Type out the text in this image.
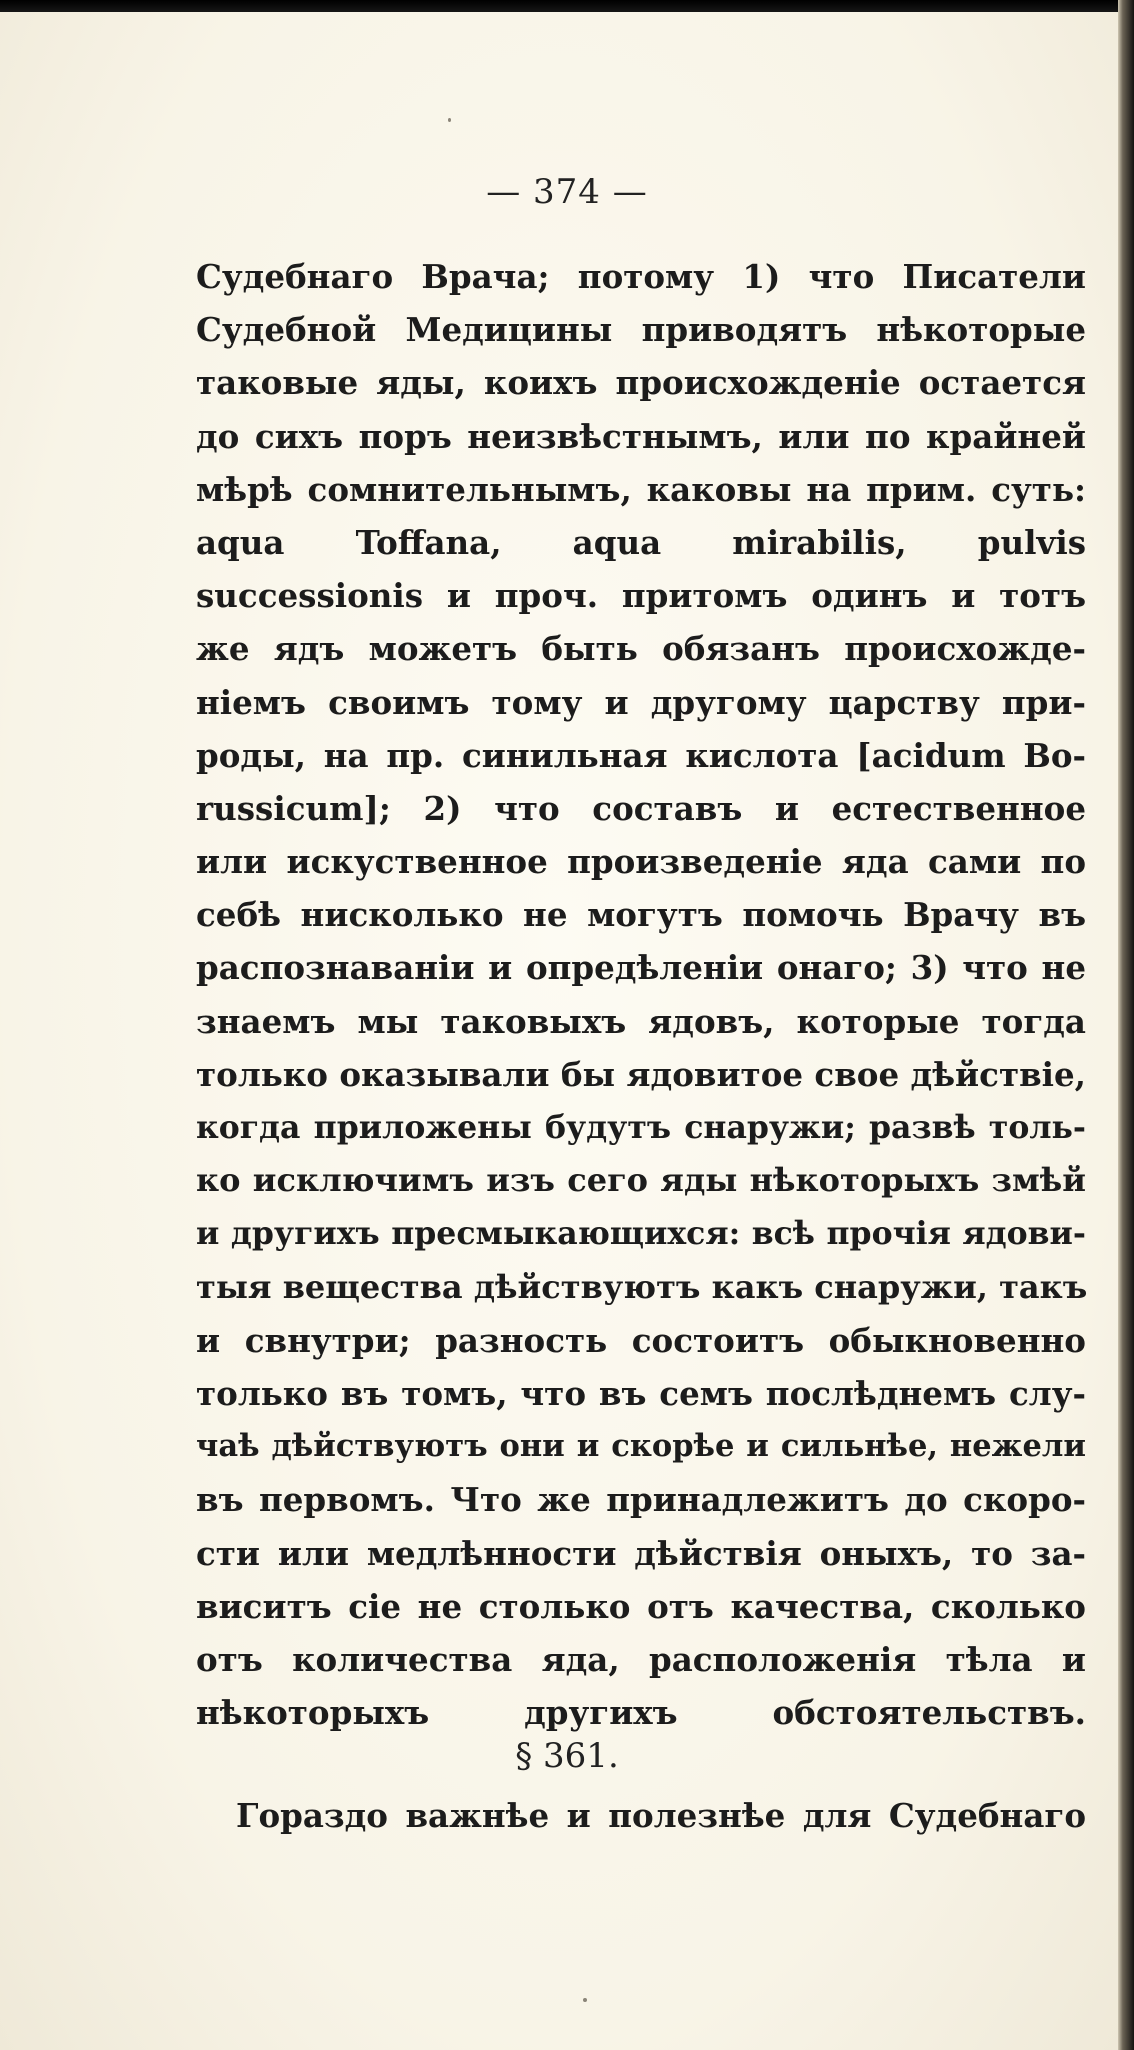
— 374 —
Судебнаго Врача; потому 1) что Писатели
Судебной Медицины приводятъ нѣкоторые
таковые яды, коихъ происхожденіе остается
до сихъ поръ неизвѣстнымъ, или по крайней
мѣрѣ сомнительнымъ, каковы на прим. суть:
aqua Toffana, aqua mirabilis, pulvis
successionis и проч. притомъ одинъ и тотъ
же ядъ можетъ быть обязанъ происхожде-
ніемъ своимъ тому и другому царству при-
роды, на пр. синильная кислота [acidum Bo-
russicum]; 2) что составъ и естественное
или искуственное произведеніе яда сами по
себѣ нисколько не могутъ помочь Врачу въ
распознаваніи и опредѣленіи онаго; 3) что не
знаемъ мы таковыхъ ядовъ, которые тогда
только оказывали бы ядовитое свое дѣйствіе,
когда приложены будутъ снаружи; развѣ толь-
ко исключимъ изъ сего яды нѣкоторыхъ змѣй
и другихъ пресмыкающихся: всѣ прочія ядови-
тыя вещества дѣйствуютъ какъ снаружи, такъ
и свнутри; разность состоитъ обыкновенно
только въ томъ, что въ семъ послѣднемъ слу-
чаѣ дѣйствуютъ они и скорѣе и сильнѣе, нежели
въ первомъ. Что же принадлежитъ до скоро-
сти или медлѣнности дѣйствія оныхъ, то за-
виситъ сіе не столько отъ качества, сколько
отъ количества яда, расположенія тѣла и
нѣкоторыхъ другихъ обстоятельствъ.
§ 361.
Гораздо важнѣе и полезнѣе для Судебнаго
